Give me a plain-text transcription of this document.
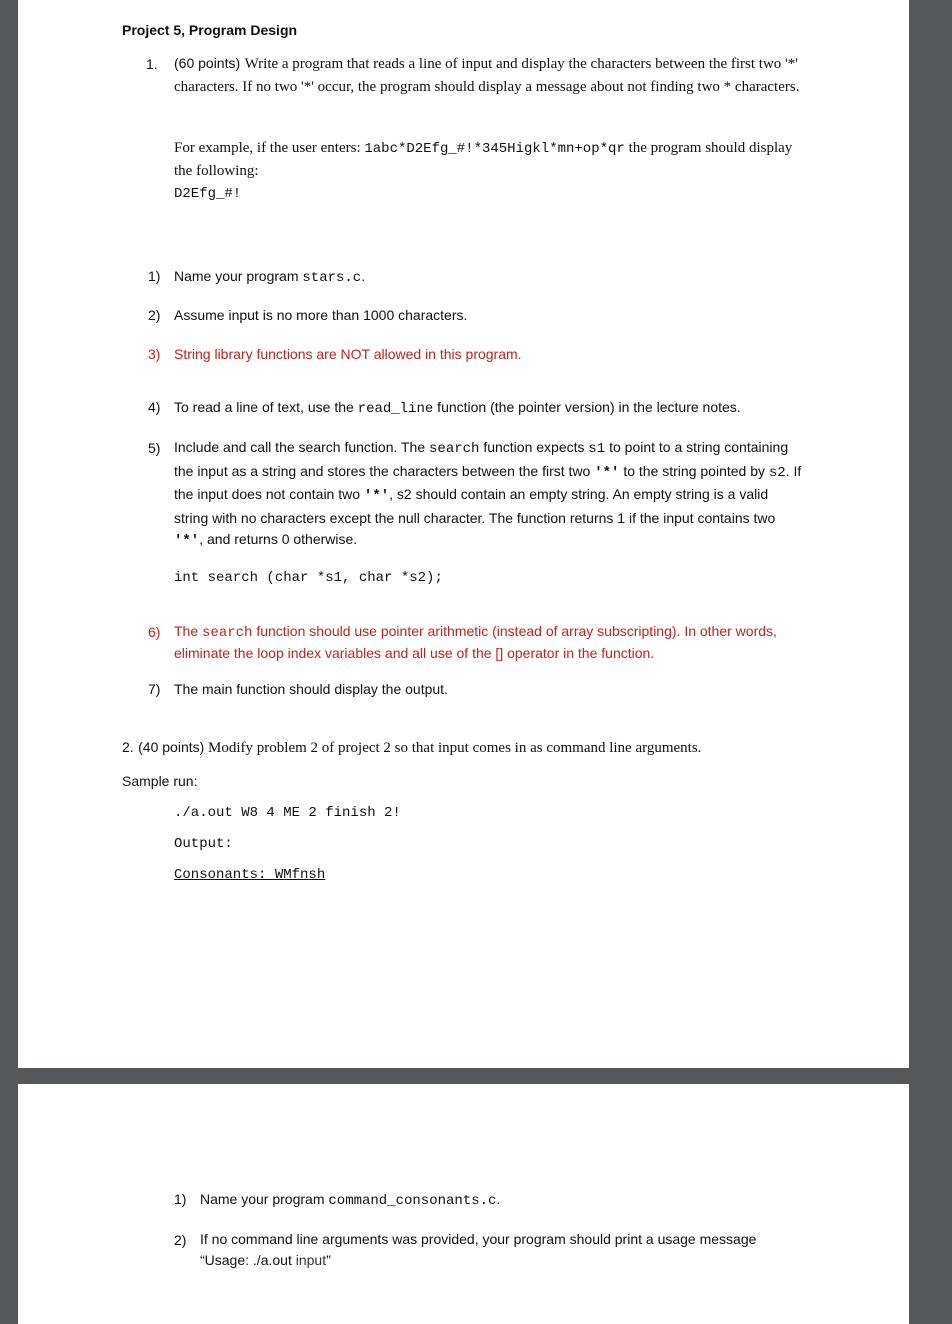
Project 5, Program Design
1. (60 points) Write a program that reads a line of input and display the characters between the first two '*' characters. If no two '*' occur, the program should display a message about not finding two * characters.

For example, if the user enters: 1abc*D2Efg_#!*345Higkl*mn+op*qr the program should display the following:
D2Efg_#!

1) Name your program stars.c.

2) Assume input is no more than 1000 characters.

3) String library functions are NOT allowed in this program.

4) To read a line of text, use the read_line function (the pointer version) in the lecture notes.

5) Include and call the search function. The search function expects s1 to point to a string containing the input as a string and stores the characters between the first two '*' to the string pointed by s2. If the input does not contain two '*', s2 should contain an empty string. An empty string is a valid string with no characters except the null character. The function returns 1 if the input contains two '*', and returns 0 otherwise.

int search (char *s1, char *s2);
6) The search function should use pointer arithmetic (instead of array subscripting). In other words, eliminate the loop index variables and all use of the [] operator in the function.

7) The main function should display the output.

2. (40 points) Modify problem 2 of project 2 so that input comes in as command line arguments.

Sample run:
./a.out W8 4 ME 2 finish 2!
Output:
Consonants: WMfnsh
1) Name your program command_consonants.c.

2) If no command line arguments was provided, your program should print a usage message “Usage: ./a.out input”
